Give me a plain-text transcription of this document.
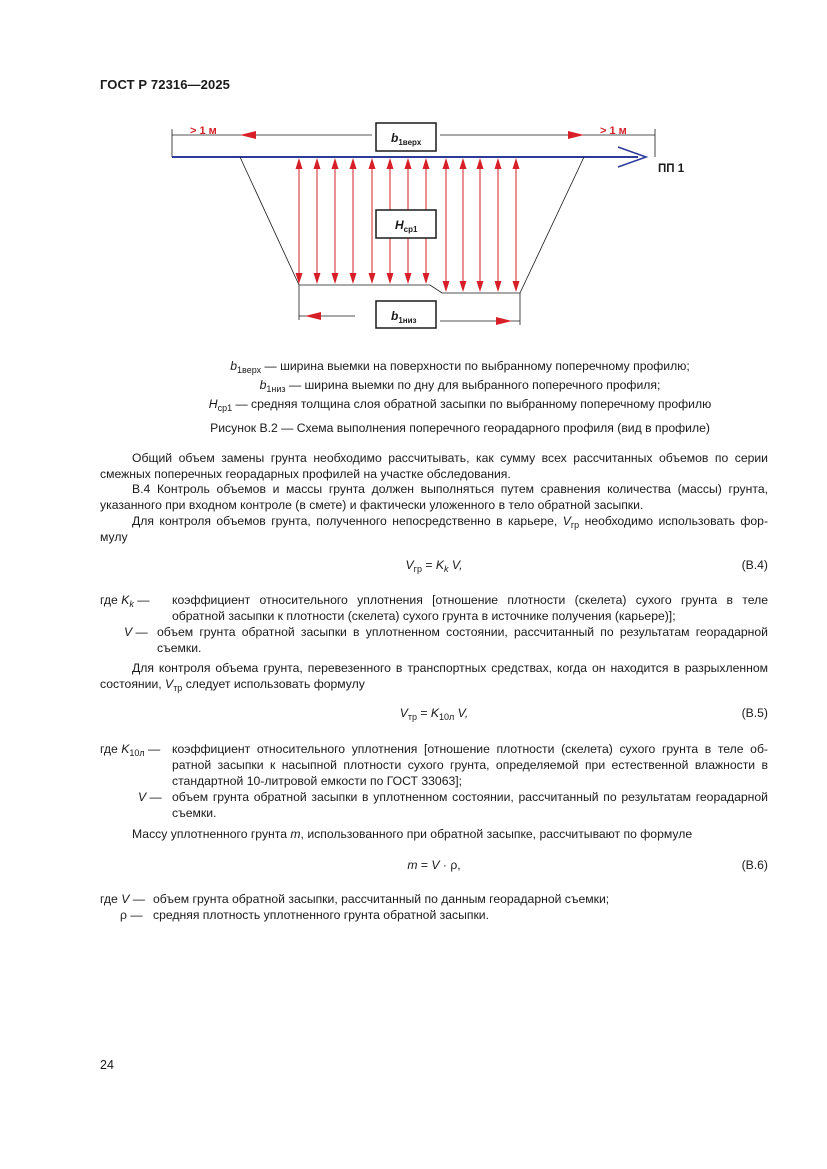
ГОСТ Р 72316—2025
> 1 м	> 1 м
ПП 1
$b_{1верх}$
$H_{ср1}$
$b_{1низ}$
$b_{1верх}$ — ширина выемки на поверхности по выбранному поперечному профилю;
$b_{1низ}$ — ширина выемки по дну для выбранного поперечного профиля;
$H_{ср1}$ — средняя толщина слоя обратной засыпки по выбранному поперечному профилю
Рисунок В.2 — Схема выполнения поперечного георадарного профиля (вид в профиле)
Общий объем замены грунта необходимо рассчитывать, как сумму всех рассчитанных объемов по серии смежных поперечных георадарных профилей на участке обследования.
В.4 Контроль объемов и массы грунта должен выполняться путем сравнения количества (массы) грунта, указанного при входном контроле (в смете) и фактически уложенного в тело обратной засыпки.
Для контроля объемов грунта, полученного непосредственно в карьере, $V_{гр}$ необходимо использовать фор-мулу
$V_{гр} = K_k$ V,	(В.4)
где $K_k$ — коэффициент относительного уплотнения [отношение плотности (скелета) сухого грунта в теле обратной засыпки к плотности (скелета) сухого грунта в источнике получения (карьере)];
V — объем грунта обратной засыпки в уплотненном состоянии, рассчитанный по результатам георадарной съемки.
Для контроля объема грунта, перевезенного в транспортных средствах, когда он находится в разрыхленном состоянии, $V_{тр}$ следует использовать формулу
$V_{тр} = K_{10л}$ V,	(В.5)
где $K_{10л}$ — коэффициент относительного уплотнения [отношение плотности (скелета) сухого грунта в теле об-ратной засыпки к насыпной плотности сухого грунта, определяемой при естественной влажности в стандартной 10-литровой емкости по ГОСТ 33063];
V — объем грунта обратной засыпки в уплотненном состоянии, рассчитанный по результатам георадарной съемки.
Массу уплотненного грунта m, использованного при обратной засыпке, рассчитывают по формуле
m = V · ρ,	(В.6)
где V — объем грунта обратной засыпки, рассчитанный по данным георадарной съемки;
ρ — средняя плотность уплотненного грунта обратной засыпки.
24
